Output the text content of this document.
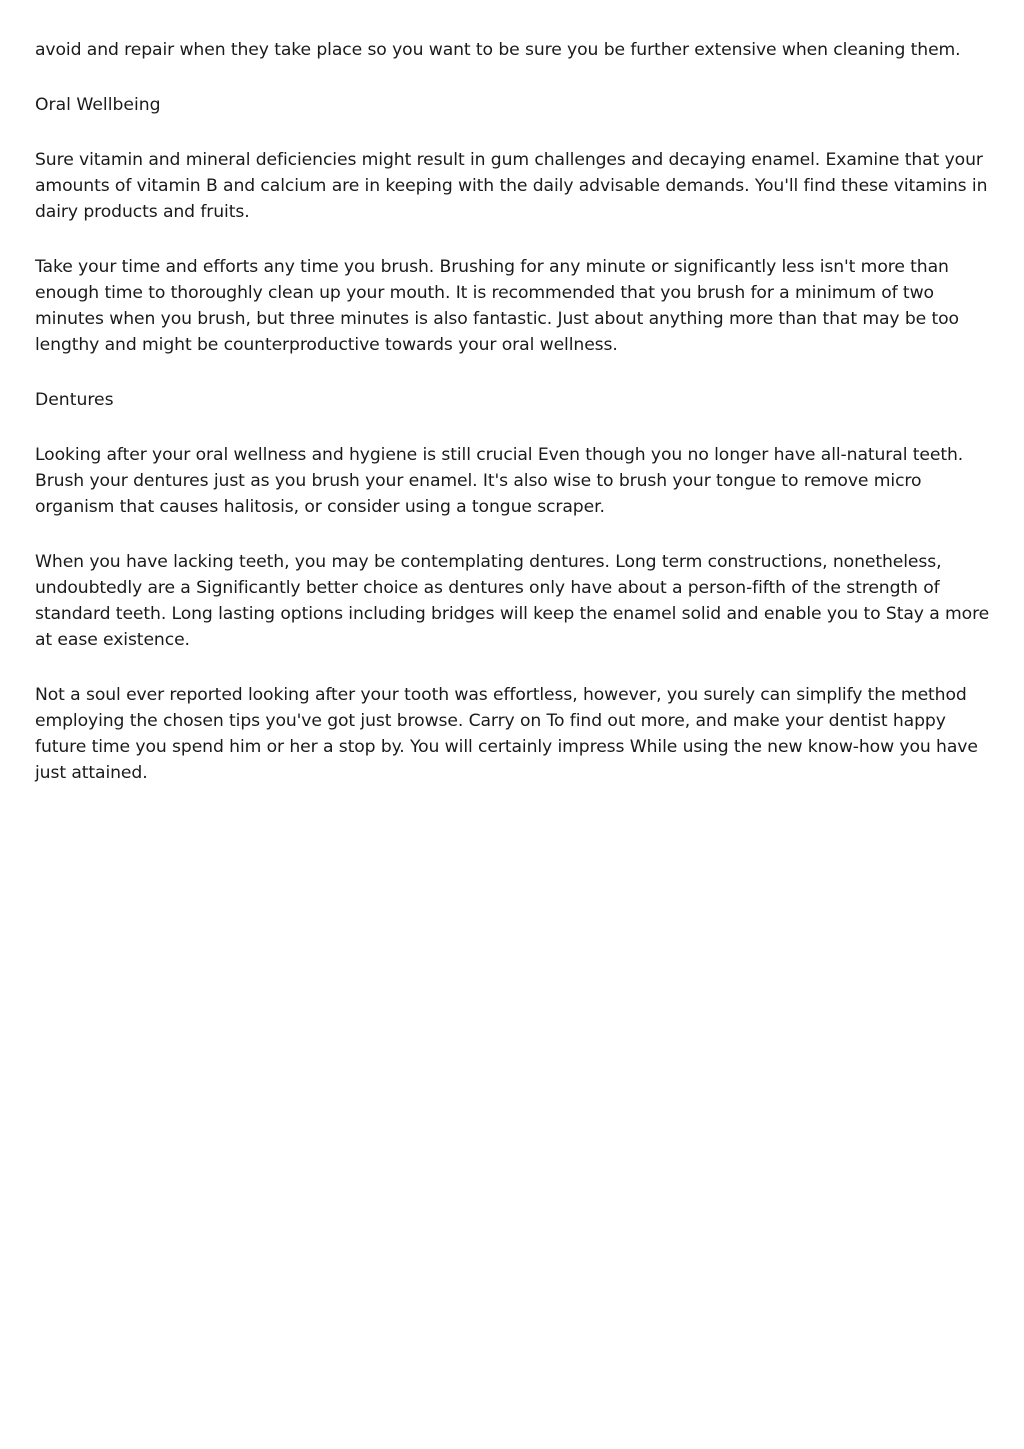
avoid and repair when they take place so you want to be sure you be further extensive when cleaning them.

Oral Wellbeing

Sure vitamin and mineral deficiencies might result in gum challenges and decaying enamel. Examine that your amounts of vitamin B and calcium are in keeping with the daily advisable demands. You'll find these vitamins in dairy products and fruits.

Take your time and efforts any time you brush. Brushing for any minute or significantly less isn't more than enough time to thoroughly clean up your mouth. It is recommended that you brush for a minimum of two minutes when you brush, but three minutes is also fantastic. Just about anything more than that may be too lengthy and might be counterproductive towards your oral wellness.

Dentures

Looking after your oral wellness and hygiene is still crucial Even though you no longer have all-natural teeth. Brush your dentures just as you brush your enamel. It's also wise to brush your tongue to remove micro organism that causes halitosis, or consider using a tongue scraper.

When you have lacking teeth, you may be contemplating dentures. Long term constructions, nonetheless, undoubtedly are a Significantly better choice as dentures only have about a person-fifth of the strength of standard teeth. Long lasting options including bridges will keep the enamel solid and enable you to Stay a more at ease existence.

Not a soul ever reported looking after your tooth was effortless, however, you surely can simplify the method employing the chosen tips you've got just browse. Carry on To find out more, and make your dentist happy future time you spend him or her a stop by. You will certainly impress While using the new know-how you have just attained.
